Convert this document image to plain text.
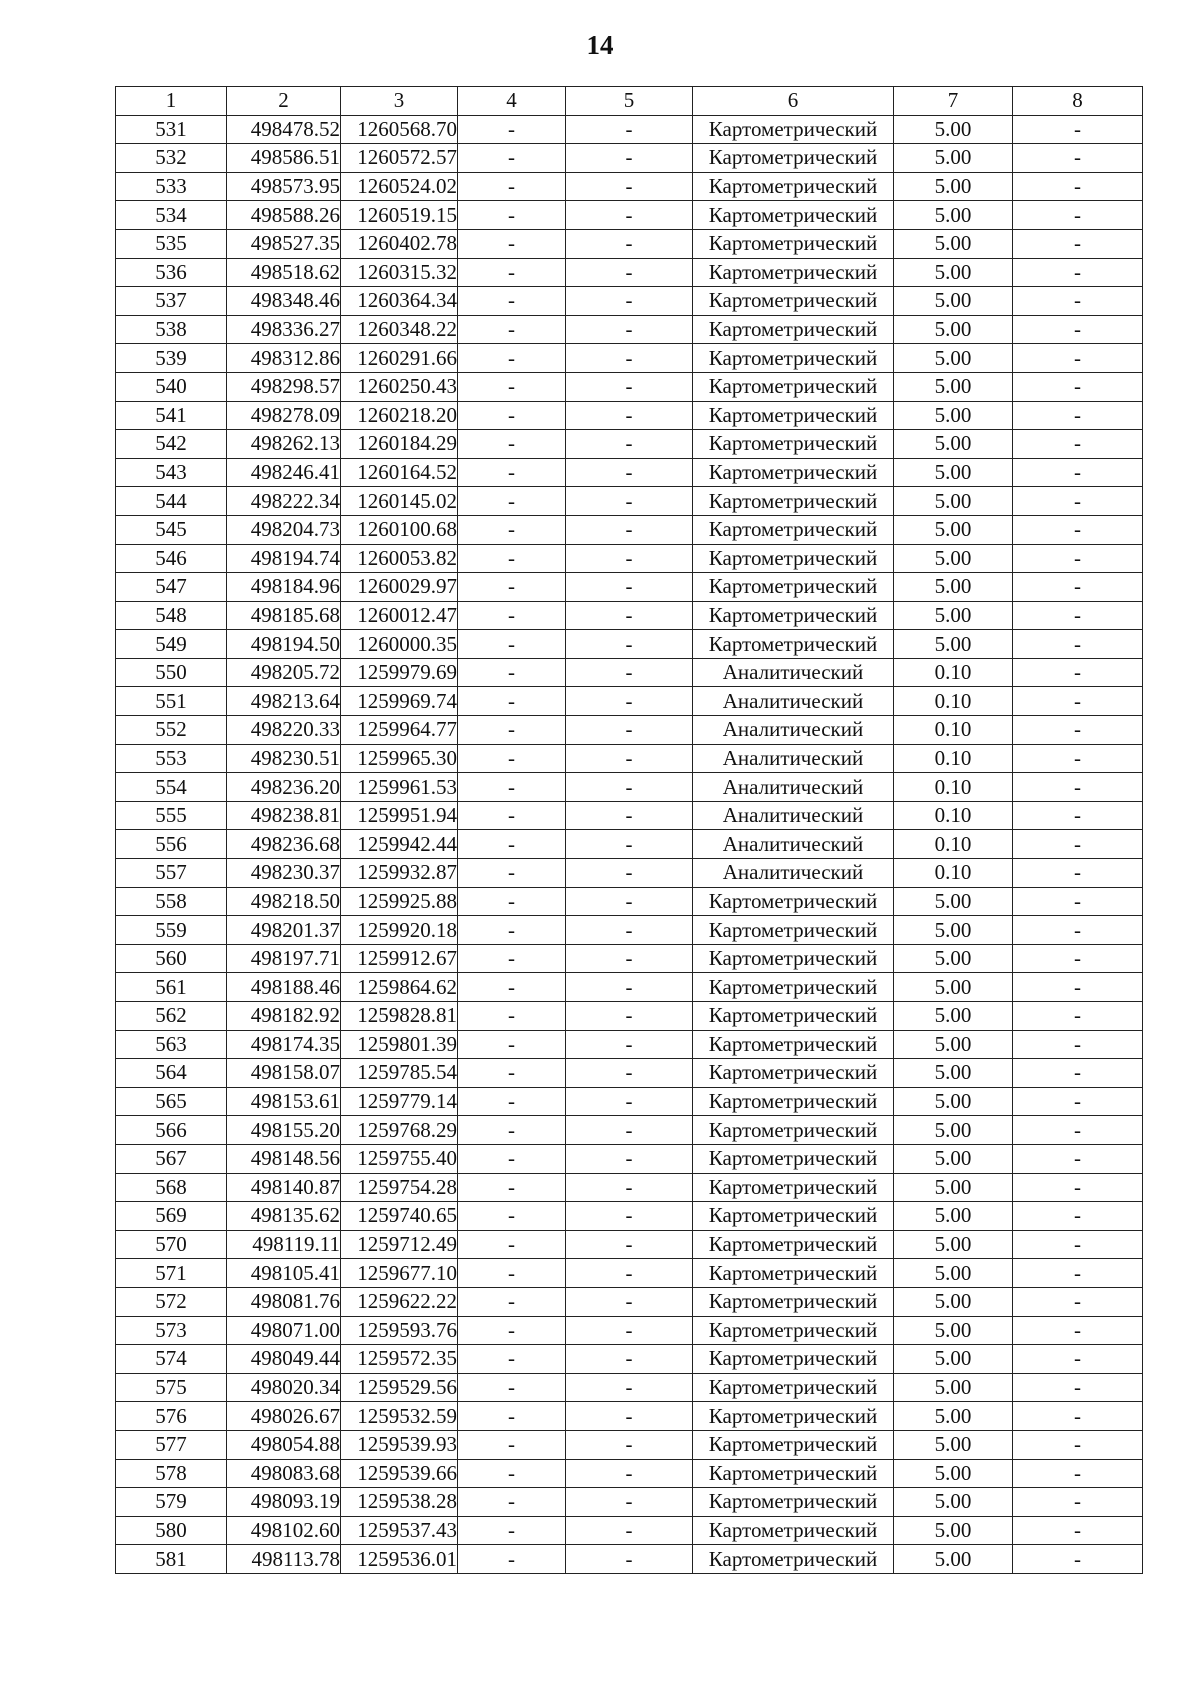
14
1	2	3	4	5	6	7	8
531	498478.52	1260568.70	-	-	Картометрический	5.00	-
532	498586.51	1260572.57	-	-	Картометрический	5.00	-
533	498573.95	1260524.02	-	-	Картометрический	5.00	-
534	498588.26	1260519.15	-	-	Картометрический	5.00	-
535	498527.35	1260402.78	-	-	Картометрический	5.00	-
536	498518.62	1260315.32	-	-	Картометрический	5.00	-
537	498348.46	1260364.34	-	-	Картометрический	5.00	-
538	498336.27	1260348.22	-	-	Картометрический	5.00	-
539	498312.86	1260291.66	-	-	Картометрический	5.00	-
540	498298.57	1260250.43	-	-	Картометрический	5.00	-
541	498278.09	1260218.20	-	-	Картометрический	5.00	-
542	498262.13	1260184.29	-	-	Картометрический	5.00	-
543	498246.41	1260164.52	-	-	Картометрический	5.00	-
544	498222.34	1260145.02	-	-	Картометрический	5.00	-
545	498204.73	1260100.68	-	-	Картометрический	5.00	-
546	498194.74	1260053.82	-	-	Картометрический	5.00	-
547	498184.96	1260029.97	-	-	Картометрический	5.00	-
548	498185.68	1260012.47	-	-	Картометрический	5.00	-
549	498194.50	1260000.35	-	-	Картометрический	5.00	-
550	498205.72	1259979.69	-	-	Аналитический	0.10	-
551	498213.64	1259969.74	-	-	Аналитический	0.10	-
552	498220.33	1259964.77	-	-	Аналитический	0.10	-
553	498230.51	1259965.30	-	-	Аналитический	0.10	-
554	498236.20	1259961.53	-	-	Аналитический	0.10	-
555	498238.81	1259951.94	-	-	Аналитический	0.10	-
556	498236.68	1259942.44	-	-	Аналитический	0.10	-
557	498230.37	1259932.87	-	-	Аналитический	0.10	-
558	498218.50	1259925.88	-	-	Картометрический	5.00	-
559	498201.37	1259920.18	-	-	Картометрический	5.00	-
560	498197.71	1259912.67	-	-	Картометрический	5.00	-
561	498188.46	1259864.62	-	-	Картометрический	5.00	-
562	498182.92	1259828.81	-	-	Картометрический	5.00	-
563	498174.35	1259801.39	-	-	Картометрический	5.00	-
564	498158.07	1259785.54	-	-	Картометрический	5.00	-
565	498153.61	1259779.14	-	-	Картометрический	5.00	-
566	498155.20	1259768.29	-	-	Картометрический	5.00	-
567	498148.56	1259755.40	-	-	Картометрический	5.00	-
568	498140.87	1259754.28	-	-	Картометрический	5.00	-
569	498135.62	1259740.65	-	-	Картометрический	5.00	-
570	498119.11	1259712.49	-	-	Картометрический	5.00	-
571	498105.41	1259677.10	-	-	Картометрический	5.00	-
572	498081.76	1259622.22	-	-	Картометрический	5.00	-
573	498071.00	1259593.76	-	-	Картометрический	5.00	-
574	498049.44	1259572.35	-	-	Картометрический	5.00	-
575	498020.34	1259529.56	-	-	Картометрический	5.00	-
576	498026.67	1259532.59	-	-	Картометрический	5.00	-
577	498054.88	1259539.93	-	-	Картометрический	5.00	-
578	498083.68	1259539.66	-	-	Картометрический	5.00	-
579	498093.19	1259538.28	-	-	Картометрический	5.00	-
580	498102.60	1259537.43	-	-	Картометрический	5.00	-
581	498113.78	1259536.01	-	-	Картометрический	5.00	-
